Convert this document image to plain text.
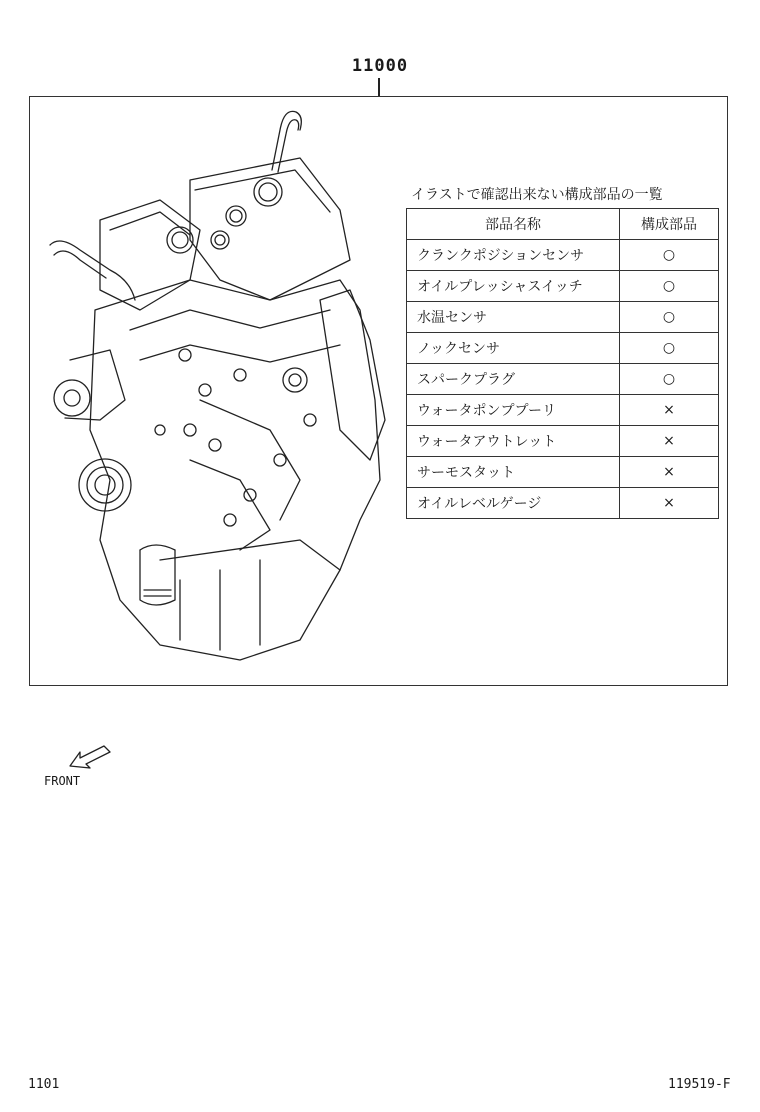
11000
イラストで確認出来ない構成部品の一覧
部品名称	構成部品
クランクポジションセンサ	○
オイルプレッシャスイッチ	○
水温センサ	○
ノックセンサ	○
スパークプラグ	○
ウォータポンププーリ	×
ウォータアウトレット	×
サーモスタット	×
オイルレベルゲージ	×
FRONT
1101	119519-F
